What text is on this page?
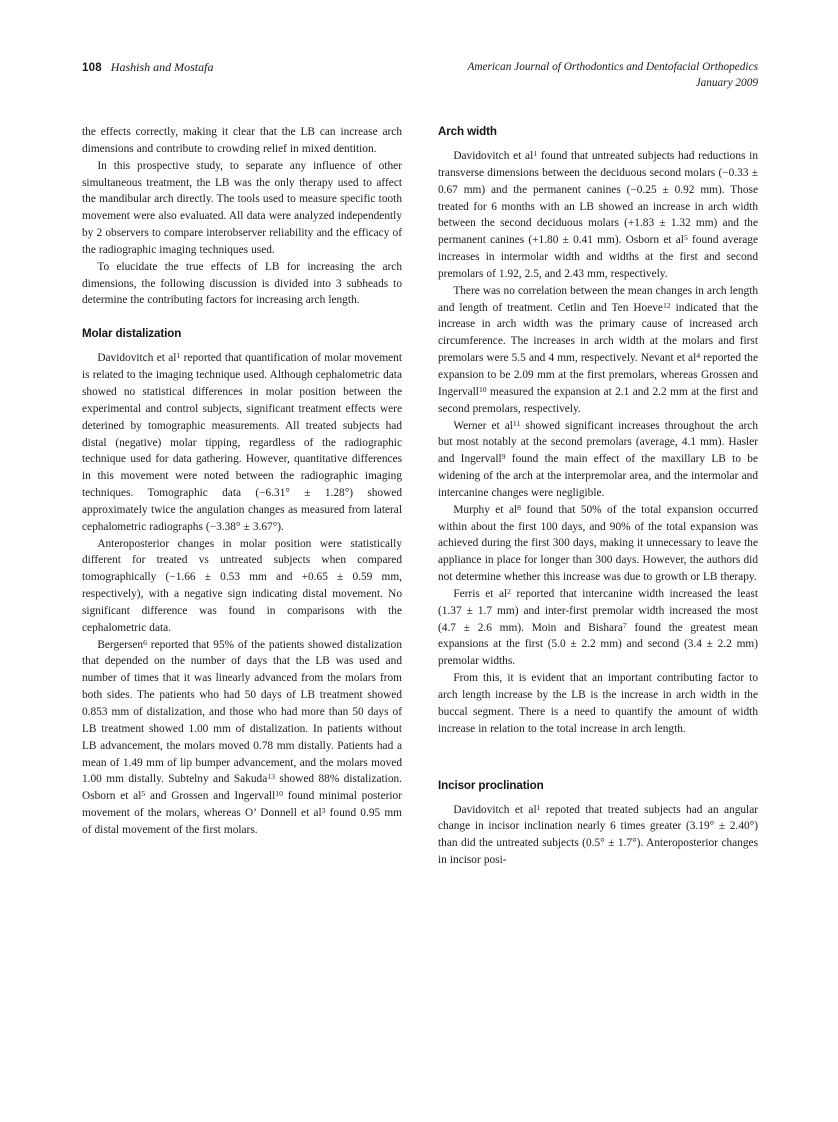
108 Hashish and Mostafa	American Journal of Orthodontics and Dentofacial Orthopedics
January 2009

the effects correctly, making it clear that the LB can increase arch dimensions and contribute to crowding relief in mixed dentition.

In this prospective study, to separate any influence of other simultaneous treatment, the LB was the only therapy used to affect the mandibular arch directly. The tools used to measure specific tooth movement were also evaluated. All data were analyzed independently by 2 observers to compare interobserver reliability and the efficacy of the radiographic imaging techniques used.

To elucidate the true effects of LB for increasing the arch dimensions, the following discussion is divided into 3 subheads to determine the contributing factors for increasing arch length.

Molar distalization

Davidovitch et $al^1$ reported that quantification of molar movement is related to the imaging technique used. Although cephalometric data showed no statistical differences in molar position between the experimental and control subjects, significant treatment effects were deterined by tomographic measurements. All treated subjects had distal (negative) molar tipping, regardless of the radiographic technique used for data gathering. However, quantitative differences in this movement were noted between the radiographic imaging techniques. Tomographic data (−6.31° ± 1.28°) showed approximately twice the angulation changes as measured from lateral cephalometric radiographs (−3.38° ± 3.67°).

Anteroposterior changes in molar position were statistically different for treated vs untreated subjects when compared tomographically (−1.66 ± 0.53 mm and +0.65 ± 0.59 mm, respectively), with a negative sign indicating distal movement. No significant difference was found in comparisons with the cephalometric data.

Bergersen$^6$ reported that 95% of the patients showed distalization that depended on the number of days that the LB was used and number of times that it was linearly advanced from the molars from both sides. The patients who had 50 days of LB treatment showed 0.853 mm of distalization, and those who had more than 50 days of LB treatment showed 1.00 mm of distalization. In patients without LB advancement, the molars moved 0.78 mm distally. Patients had a mean of 1.49 mm of lip bumper advancement, and the molars moved 1.00 mm distally. Subtelny and Sakuda$^{13}$ showed 88% distalization. Osborn et $al^5$ and Grossen and Ingervall$^{10}$ found minimal posterior movement of the molars, whereas O’ Donnell et $al^3$ found 0.95 mm of distal movement of the first molars.

Arch width

Davidovitch et $al^1$ found that untreated subjects had reductions in transverse dimensions between the deciduous second molars (−0.33 ± 0.67 mm) and the permanent canines (−0.25 ± 0.92 mm). Those treated for 6 months with an LB showed an increase in arch width between the second deciduous molars (+1.83 ± 1.32 mm) and the permanent canines (+1.80 ± 0.41 mm). Osborn et $al^5$ found average increases in intermolar width and widths at the first and second premolars of 1.92, 2.5, and 2.43 mm, respectively.

There was no correlation between the mean changes in arch length and length of treatment. Cetlin and Ten Hoeve$^{12}$ indicated that the increase in arch width was the primary cause of increased arch circumference. The increases in arch width at the molars and first premolars were 5.5 and 4 mm, respectively. Nevant et $al^4$ reported the expansion to be 2.09 mm at the first premolars, whereas Grossen and Ingervall$^{10}$ measured the expansion at 2.1 and 2.2 mm at the first and second premolars, respectively.

Werner et $al^{11}$ showed significant increases throughout the arch but most notably at the second premolars (average, 4.1 mm). Hasler and Ingervall$^9$ found the main effect of the maxillary LB to be widening of the arch at the interpremolar area, and the intermolar and intercanine changes were negligible.

Murphy et $al^8$ found that 50% of the total expansion occurred within about the first 100 days, and 90% of the total expansion was achieved during the first 300 days, making it unnecessary to leave the appliance in place for longer than 300 days. However, the authors did not determine whether this increase was due to growth or LB therapy.

Ferris et $al^2$ reported that intercanine width increased the least (1.37 ± 1.7 mm) and inter-first premolar width increased the most (4.7 ± 2.6 mm). Moin and Bishara$^7$ found the greatest mean expansions at the first (5.0 ± 2.2 mm) and second (3.4 ± 2.2 mm) premolar widths.

From this, it is evident that an important contributing factor to arch length increase by the LB is the increase in arch width in the buccal segment. There is a need to quantify the amount of width increase in relation to the total increase in arch length.

Incisor proclination

Davidovitch et $al^1$ repoted that treated subjects had an angular change in incisor inclination nearly 6 times greater (3.19° ± 2.40°) than did the untreated subjects (0.5° ± 1.7°). Anteroposterior changes in incisor posi-
